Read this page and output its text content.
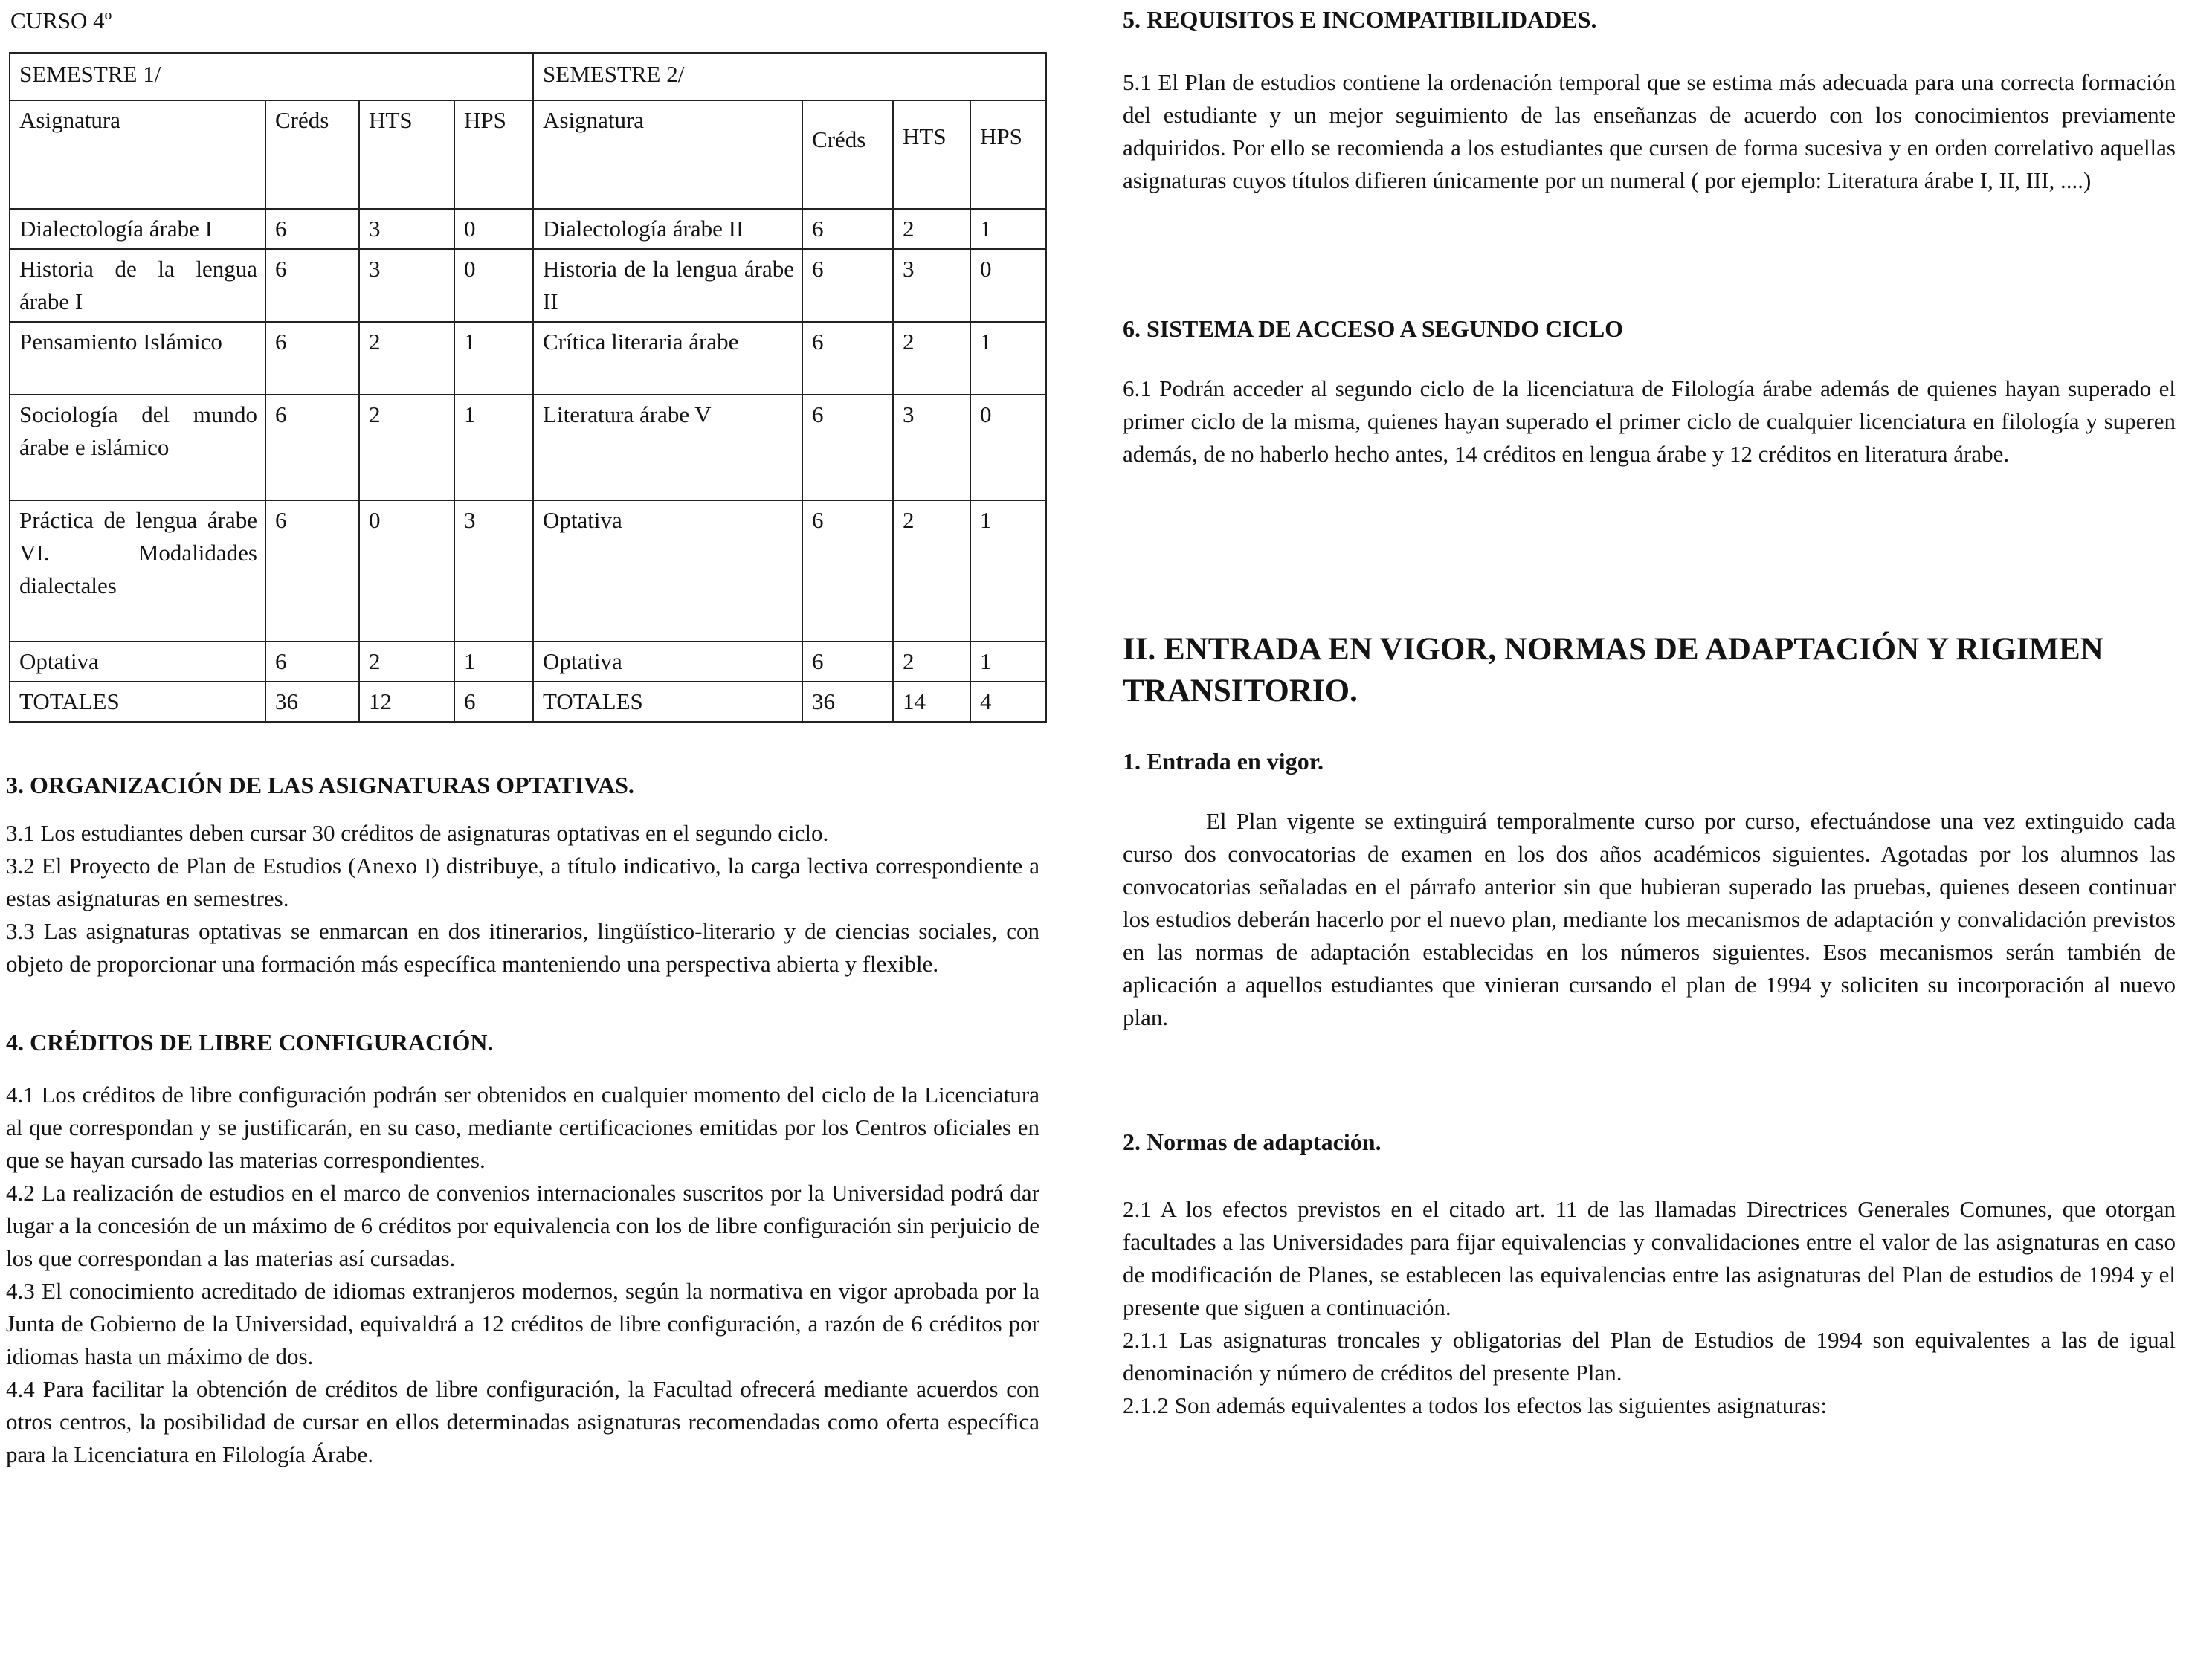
CURSO 4º
SEMESTRE 1/				SEMESTRE 2/			
Asignatura	Créds	HTS	HPS	Asignatura	Créds	HTS	HPS
Dialectología árabe I	6	3	0	Dialectología árabe II	6	2	1
Historia de la lengua árabe I	6	3	0	Historia de la lengua árabe II	6	3	0
Pensamiento Islámico	6	2	1	Crítica literaria árabe	6	2	1
Sociología del mundo árabe e islámico	6	2	1	Literatura árabe V	6	3	0
Práctica de lengua árabe VI. Modalidades dialectales	6	0	3	Optativa	6	2	1
Optativa	6	2	1	Optativa	6	2	1
TOTALES	36	12	6	TOTALES	36	14	4
3. ORGANIZACIÓN DE LAS ASIGNATURAS OPTATIVAS.
3.1 Los estudiantes deben cursar 30 créditos de asignaturas optativas en el segundo ciclo.
3.2 El Proyecto de Plan de Estudios (Anexo I) distribuye, a título indicativo, la carga lectiva correspondiente a estas asignaturas en semestres.
3.3 Las asignaturas optativas se enmarcan en dos itinerarios, lingüístico-literario y de ciencias sociales, con objeto de proporcionar una formación más específica manteniendo una perspectiva abierta y flexible.
4. CRÉDITOS DE LIBRE CONFIGURACIÓN.
4.1 Los créditos de libre configuración podrán ser obtenidos en cualquier momento del ciclo de la Licenciatura al que correspondan y se justificarán, en su caso, mediante certificaciones emitidas por los Centros oficiales en que se hayan cursado las materias correspondientes.
4.2 La realización de estudios en el marco de convenios internacionales suscritos por la Universidad podrá dar lugar a la concesión de un máximo de 6 créditos por equivalencia con los de libre configuración sin perjuicio de los que correspondan a las materias así cursadas.
4.3 El conocimiento acreditado de idiomas extranjeros modernos, según la normativa en vigor aprobada por la Junta de Gobierno de la Universidad, equivaldrá a 12 créditos de libre configuración, a razón de 6 créditos por idiomas hasta un máximo de dos.
4.4 Para facilitar la obtención de créditos de libre configuración, la Facultad ofrecerá mediante acuerdos con otros centros, la posibilidad de cursar en ellos determinadas asignaturas recomendadas como oferta específica para la Licenciatura en Filología Árabe.
5. REQUISITOS E INCOMPATIBILIDADES.
5.1 El Plan de estudios contiene la ordenación temporal que se estima más adecuada para una correcta formación del estudiante y un mejor seguimiento de las enseñanzas de acuerdo con los conocimientos previamente adquiridos. Por ello se recomienda a los estudiantes que cursen de forma sucesiva y en orden correlativo aquellas asignaturas cuyos títulos difieren únicamente por un numeral ( por ejemplo: Literatura árabe I, II, III, ....)
6. SISTEMA DE ACCESO A SEGUNDO CICLO
6.1 Podrán acceder al segundo ciclo de la licenciatura de Filología árabe además de quienes hayan superado el primer ciclo de la misma, quienes hayan superado el primer ciclo de cualquier licenciatura en filología y superen además, de no haberlo hecho antes, 14 créditos en lengua árabe y 12 créditos en literatura árabe.
II. ENTRADA EN VIGOR, NORMAS DE ADAPTACIÓN Y RIGIMEN TRANSITORIO.
1. Entrada en vigor.
El Plan vigente se extinguirá temporalmente curso por curso, efectuándose una vez extinguido cada curso dos convocatorias de examen en los dos años académicos siguientes. Agotadas por los alumnos las convocatorias señaladas en el párrafo anterior sin que hubieran superado las pruebas, quienes deseen continuar los estudios deberán hacerlo por el nuevo plan, mediante los mecanismos de adaptación y convalidación previstos en las normas de adaptación establecidas en los números siguientes. Esos mecanismos serán también de aplicación a aquellos estudiantes que vinieran cursando el plan de 1994 y soliciten su incorporación al nuevo plan.
2. Normas de adaptación.
2.1 A los efectos previstos en el citado art. 11 de las llamadas Directrices Generales Comunes, que otorgan facultades a las Universidades para fijar equivalencias y convalidaciones entre el valor de las asignaturas en caso de modificación de Planes, se establecen las equivalencias entre las asignaturas del Plan de estudios de 1994 y el presente que siguen a continuación.
2.1.1 Las asignaturas troncales y obligatorias del Plan de Estudios de 1994 son equivalentes a las de igual denominación y número de créditos del presente Plan.
2.1.2 Son además equivalentes a todos los efectos las siguientes asignaturas:
